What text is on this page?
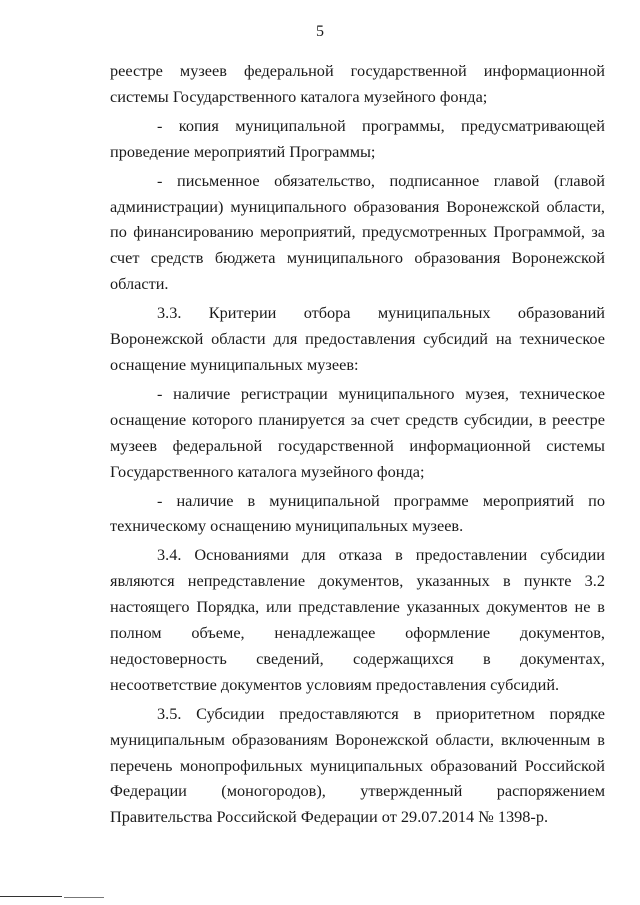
5

реестре музеев федеральной государственной информационной системы Государственного каталога музейного фонда;

- копия муниципальной программы, предусматривающей проведение мероприятий Программы;

- письменное обязательство, подписанное главой (главой администрации) муниципального образования Воронежской области, по финансированию мероприятий, предусмотренных Программой, за счет средств бюджета муниципального образования Воронежской области.

3.3. Критерии отбора муниципальных образований Воронежской области для предоставления субсидий на техническое оснащение муниципальных музеев:

- наличие регистрации муниципального музея, техническое оснащение которого планируется за счет средств субсидии, в реестре музеев федеральной государственной информационной системы Государственного каталога музейного фонда;

- наличие в муниципальной программе мероприятий по техническому оснащению муниципальных музеев.

3.4. Основаниями для отказа в предоставлении субсидии являются непредставление документов, указанных в пункте 3.2 настоящего Порядка, или представление указанных документов не в полном объеме, ненадлежащее оформление документов, недостоверность сведений, содержащихся в документах, несоответствие документов условиям предоставления субсидий.

3.5. Субсидии предоставляются в приоритетном порядке муниципальным образованиям Воронежской области, включенным в перечень монопрофильных муниципальных образований Российской Федерации (моногородов), утвержденный распоряжением Правительства Российской Федерации от 29.07.2014 № 1398-р.
